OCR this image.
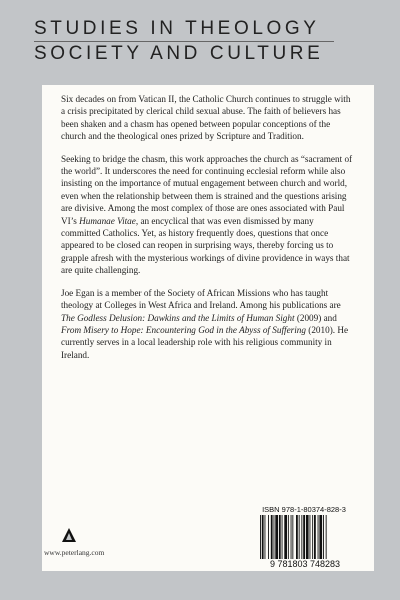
STUDIES IN THEOLOGY
SOCIETY AND CULTURE

Six decades on from Vatican II, the Catholic Church continues to struggle with a crisis precipitated by clerical child sexual abuse. The faith of believers has been shaken and a chasm has opened between popular conceptions of the church and the theological ones prized by Scripture and Tradition.

Seeking to bridge the chasm, this work approaches the church as “sacrament of the world”. It underscores the need for continuing ecclesial reform while also insisting on the importance of mutual engagement between church and world, even when the relationship between them is strained and the questions arising are divisive. Among the most complex of those are ones associated with Paul VI’s Humanae Vitae, an encyclical that was even dismissed by many committed Catholics. Yet, as history frequently does, questions that once appeared to be closed can reopen in surprising ways, thereby forcing us to grapple afresh with the mysterious workings of divine providence in ways that are quite challenging.

Joe Egan is a member of the Society of African Missions who has taught theology at Colleges in West Africa and Ireland. Among his publications are The Godless Delusion: Dawkins and the Limits of Human Sight (2009) and From Misery to Hope: Encountering God in the Abyss of Suffering (2010). He currently serves in a local leadership role with his religious community in Ireland.

ISBN 978-1-80374-828-3
9 781803 748283
www.peterlang.com
